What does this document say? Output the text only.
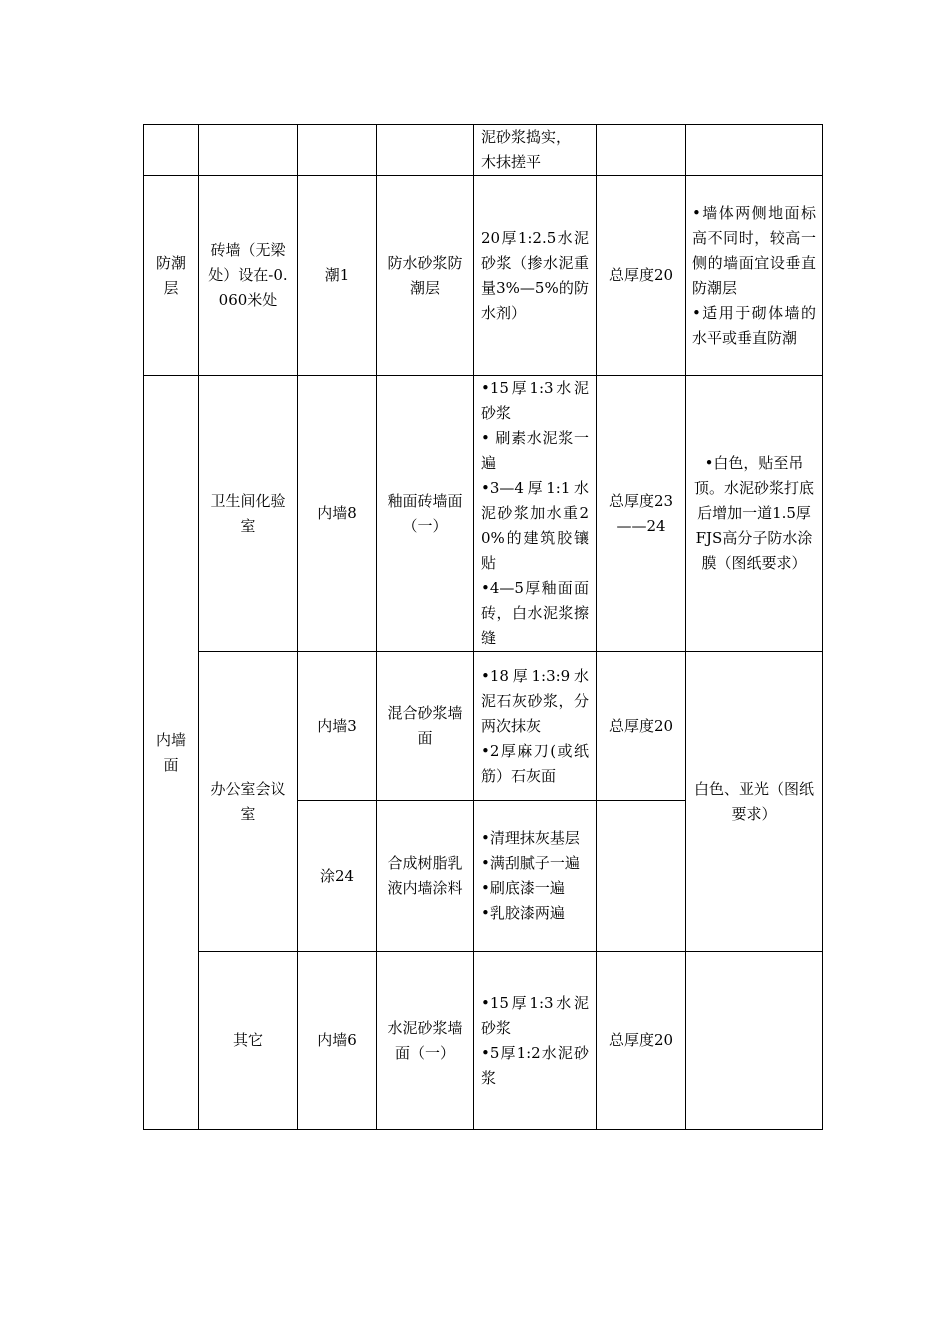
				泥砂浆捣实，
木抹搓平		

防潮层	砖墙（无梁处）设在-0.060米处	潮1	防水砂浆防潮层	20厚1:2.5水泥砂浆（掺水泥重量3%—5%的防水剂）	总厚度20	•墙体两侧地面标高不同时，较高一侧的墙面宜设垂直防潮层
•适用于砌体墙的水平或垂直防潮

内墙面	卫生间化验室	内墙8	釉面砖墙面（一）	•15厚1:3水泥砂浆
• 刷素水泥浆一遍
•3—4厚1:1水泥砂浆加水重20%的建筑胶镶贴
•4—5厚釉面面砖，白水泥浆擦缝	总厚度23——24	•白色，贴至吊顶。水泥砂浆打底后增加一道1.5厚FJS高分子防水涂膜（图纸要求）
	办公室会议室	内墙3	混合砂浆墙面	•18厚1:3:9水泥石灰砂浆，分两次抹灰
•2厚麻刀(或纸筋）石灰面	总厚度20	白色、亚光（图纸要求）
		涂24	合成树脂乳液内墙涂料	•清理抹灰基层
•满刮腻子一遍
•刷底漆一遍
•乳胶漆两遍		

	其它	内墙6	水泥砂浆墙面（一）	•15厚1:3水泥砂浆
•5厚1:2水泥砂浆	总厚度20	
